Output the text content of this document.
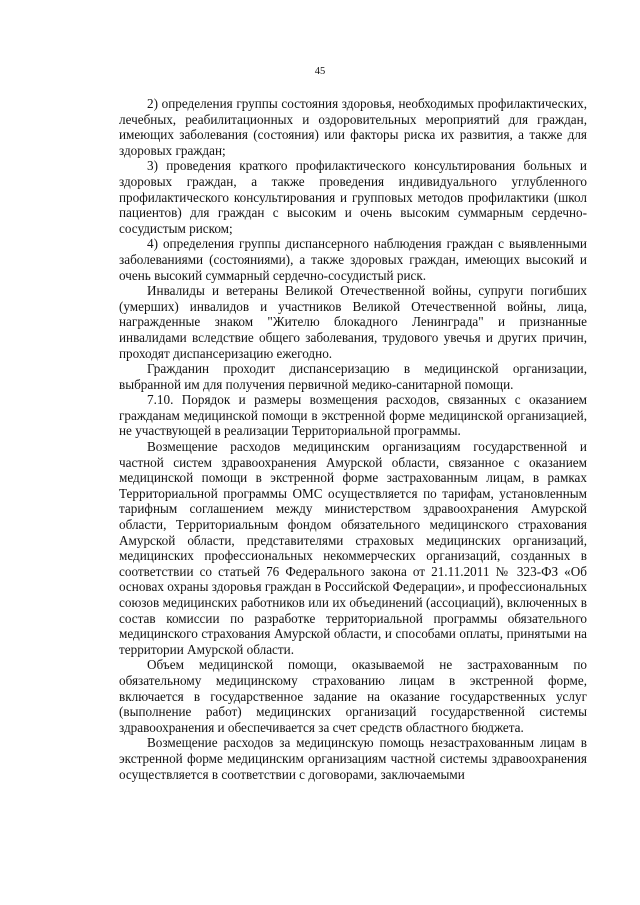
45

2) определения группы состояния здоровья, необходимых профилактических, лечебных, реабилитационных и оздоровительных мероприятий для граждан, имеющих заболевания (состояния) или факторы риска их развития, а также для здоровых граждан;

3) проведения краткого профилактического консультирования больных и здоровых граждан, а также проведения индивидуального углубленного профилактического консультирования и групповых методов профилактики (школ пациентов) для граждан с высоким и очень высоким суммарным сердечно-сосудистым риском;

4) определения группы диспансерного наблюдения граждан с выявленными заболеваниями (состояниями), а также здоровых граждан, имеющих высокий и очень высокий суммарный сердечно-сосудистый риск.

Инвалиды и ветераны Великой Отечественной войны, супруги погибших (умерших) инвалидов и участников Великой Отечественной войны, лица, награжденные знаком "Жителю блокадного Ленинграда" и признанные инвалидами вследствие общего заболевания, трудового увечья и других причин, проходят диспансеризацию ежегодно.

Гражданин проходит диспансеризацию в медицинской организации, выбранной им для получения первичной медико-санитарной помощи.

7.10. Порядок и размеры возмещения расходов, связанных с оказанием гражданам медицинской помощи в экстренной форме медицинской организацией, не участвующей в реализации Территориальной программы.

Возмещение расходов медицинским организациям государственной и частной систем здравоохранения Амурской области, связанное с оказанием медицинской помощи в экстренной форме застрахованным лицам, в рамках Территориальной программы ОМС осуществляется по тарифам, установленным тарифным соглашением между министерством здравоохранения Амурской области, Территориальным фондом обязательного медицинского страхования Амурской области, представителями страховых медицинских организаций, медицинских профессиональных некоммерческих организаций, созданных в соответствии со статьей 76 Федерального закона от 21.11.2011 № 323-ФЗ «Об основах охраны здоровья граждан в Российской Федерации», и профессиональных союзов медицинских работников или их объединений (ассоциаций), включенных в состав комиссии по разработке территориальной программы обязательного медицинского страхования Амурской области, и способами оплаты, принятыми на территории Амурской области.

Объем медицинской помощи, оказываемой не застрахованным по обязательному медицинскому страхованию лицам в экстренной форме, включается в государственное задание на оказание государственных услуг (выполнение работ) медицинских организаций государственной системы здравоохранения и обеспечивается за счет средств областного бюджета.

Возмещение расходов за медицинскую помощь незастрахованным лицам в экстренной форме медицинским организациям частной системы здравоохранения осуществляется в соответствии с договорами, заключаемыми
